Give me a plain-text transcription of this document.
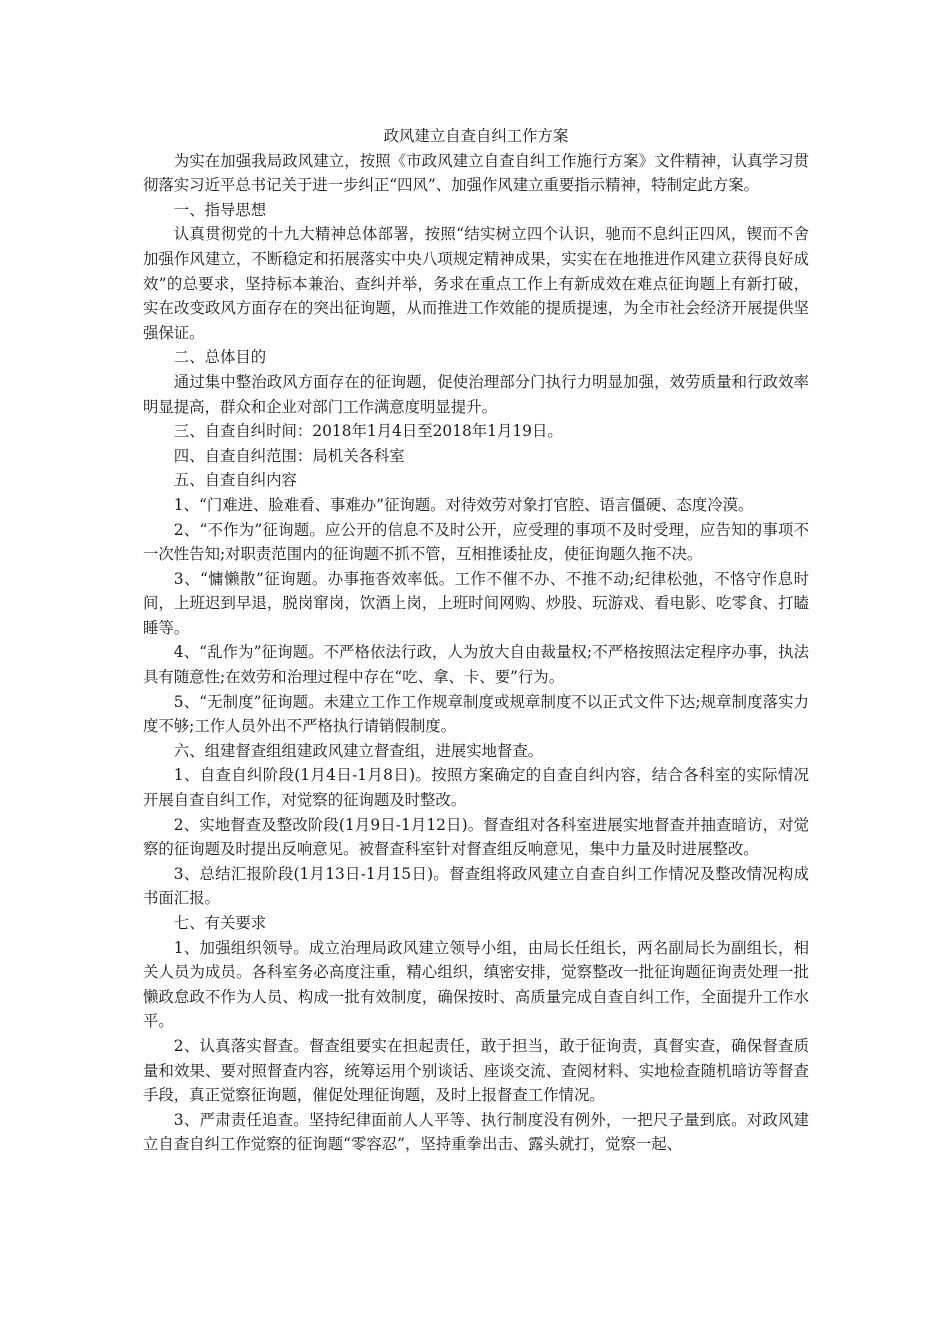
政风建立自查自纠工作方案
为实在加强我局政风建立，按照《市政风建立自查自纠工作施行方案》文件精神，认真学习贯彻落实习近平总书记关于进一步纠正“四风”、加强作风建立重要指示精神，特制定此方案。
一、指导思想
认真贯彻党的十九大精神总体部署，按照“结实树立四个认识，驰而不息纠正四风，锲而不舍加强作风建立，不断稳定和拓展落实中央八项规定精神成果，实实在在地推进作风建立获得良好成效”的总要求，坚持标本兼治、查纠并举，务求在重点工作上有新成效在难点征询题上有新打破，实在改变政风方面存在的突出征询题，从而推进工作效能的提质提速，为全市社会经济开展提供坚强保证。
二、总体目的
通过集中整治政风方面存在的征询题，促使治理部分门执行力明显加强，效劳质量和行政效率明显提高，群众和企业对部门工作满意度明显提升。
三、自查自纠时间：2018年1月4日至2018年1月19日。
四、自查自纠范围：局机关各科室
五、自查自纠内容
1、“门难进、脸难看、事难办”征询题。对待效劳对象打官腔、语言僵硬、态度冷漠。
2、“不作为”征询题。应公开的信息不及时公开，应受理的事项不及时受理，应告知的事项不一次性告知;对职责范围内的征询题不抓不管，互相推诿扯皮，使征询题久拖不决。
3、“慵懒散”征询题。办事拖沓效率低。工作不催不办、不推不动;纪律松弛，不恪守作息时间，上班迟到早退，脱岗窜岗，饮酒上岗，上班时间网购、炒股、玩游戏、看电影、吃零食、打瞌睡等。
4、“乱作为”征询题。不严格依法行政，人为放大自由裁量权;不严格按照法定程序办事，执法具有随意性;在效劳和治理过程中存在“吃、拿、卡、要”行为。
5、“无制度”征询题。未建立工作工作规章制度或规章制度不以正式文件下达;规章制度落实力度不够;工作人员外出不严格执行请销假制度。
六、组建督查组组建政风建立督查组，进展实地督查。
1、自查自纠阶段(1月4日-1月8日)。按照方案确定的自查自纠内容，结合各科室的实际情况开展自查自纠工作，对觉察的征询题及时整改。
2、实地督查及整改阶段(1月9日-1月12日)。督查组对各科室进展实地督查并抽查暗访，对觉察的征询题及时提出反响意见。被督查科室针对督查组反响意见，集中力量及时进展整改。
3、总结汇报阶段(1月13日-1月15日)。督查组将政风建立自查自纠工作情况及整改情况构成书面汇报。
七、有关要求
1、加强组织领导。成立治理局政风建立领导小组，由局长任组长，两名副局长为副组长，相关人员为成员。各科室务必高度注重，精心组织，缜密安排，觉察整改一批征询题征询责处理一批懒政怠政不作为人员、构成一批有效制度，确保按时、高质量完成自查自纠工作，全面提升工作水平。
2、认真落实督查。督查组要实在担起责任，敢于担当，敢于征询责，真督实查，确保督查质量和效果、要对照督查内容，统筹运用个别谈话、座谈交流、查阅材料、实地检查随机暗访等督查手段，真正觉察征询题，催促处理征询题，及时上报督查工作情况。
3、严肃责任追查。坚持纪律面前人人平等、执行制度没有例外，一把尺子量到底。对政风建立自查自纠工作觉察的征询题“零容忍”，坚持重拳出击、露头就打，觉察一起、
